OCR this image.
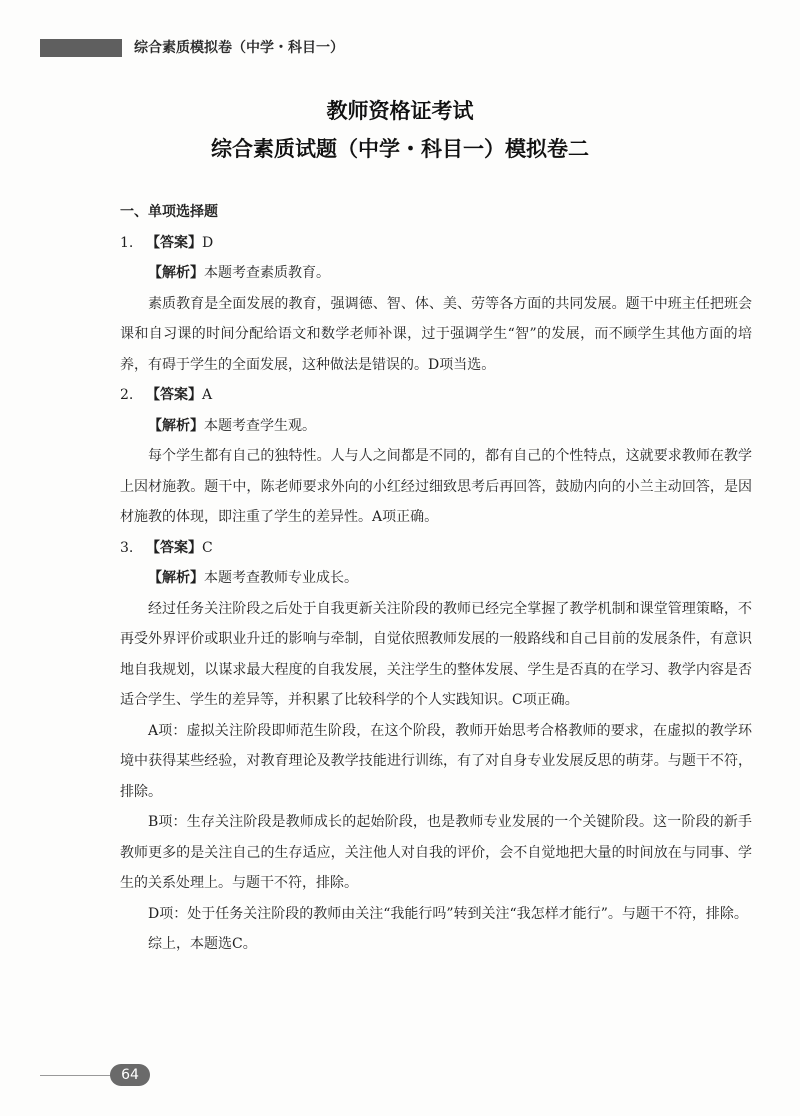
综合素质模拟卷（中学・科目一）
教师资格证考试
综合素质试题（中学・科目一）模拟卷二

一、单项选择题

1. 【答案】 D

【解析】本题考查素质教育。

素质教育是全面发展的教育，强调德、智、体、美、劳等各方面的共同发展。题干中班主任把班会课和自习课的时间分配给语文和数学老师补课，过于强调学生“智”的发展，而不顾学生其他方面的培养，有碍于学生的全面发展，这种做法是错误的。D项当选。

2. 【答案】 A

【解析】本题考查学生观。

每个学生都有自己的独特性。人与人之间都是不同的，都有自己的个性特点，这就要求教师在教学上因材施教。题干中，陈老师要求外向的小红经过细致思考后再回答，鼓励内向的小兰主动回答，是因材施教的体现，即注重了学生的差异性。A项正确。

3. 【答案】 C

【解析】本题考查教师专业成长。

经过任务关注阶段之后处于自我更新关注阶段的教师已经完全掌握了教学机制和课堂管理策略，不再受外界评价或职业升迁的影响与牵制，自觉依照教师发展的一般路线和自己目前的发展条件，有意识地自我规划，以谋求最大程度的自我发展，关注学生的整体发展、学生是否真的在学习、教学内容是否适合学生、学生的差异等，并积累了比较科学的个人实践知识。C项正确。

A项：虚拟关注阶段即师范生阶段，在这个阶段，教师开始思考合格教师的要求，在虚拟的教学环境中获得某些经验，对教育理论及教学技能进行训练，有了对自身专业发展反思的萌芽。与题干不符，排除。

B项：生存关注阶段是教师成长的起始阶段，也是教师专业发展的一个关键阶段。这一阶段的新手教师更多的是关注自己的生存适应，关注他人对自我的评价，会不自觉地把大量的时间放在与同事、学生的关系处理上。与题干不符，排除。

D项：处于任务关注阶段的教师由关注“我能行吗”转到关注“我怎样才能行”。与题干不符，排除。

综上，本题选C。

64
